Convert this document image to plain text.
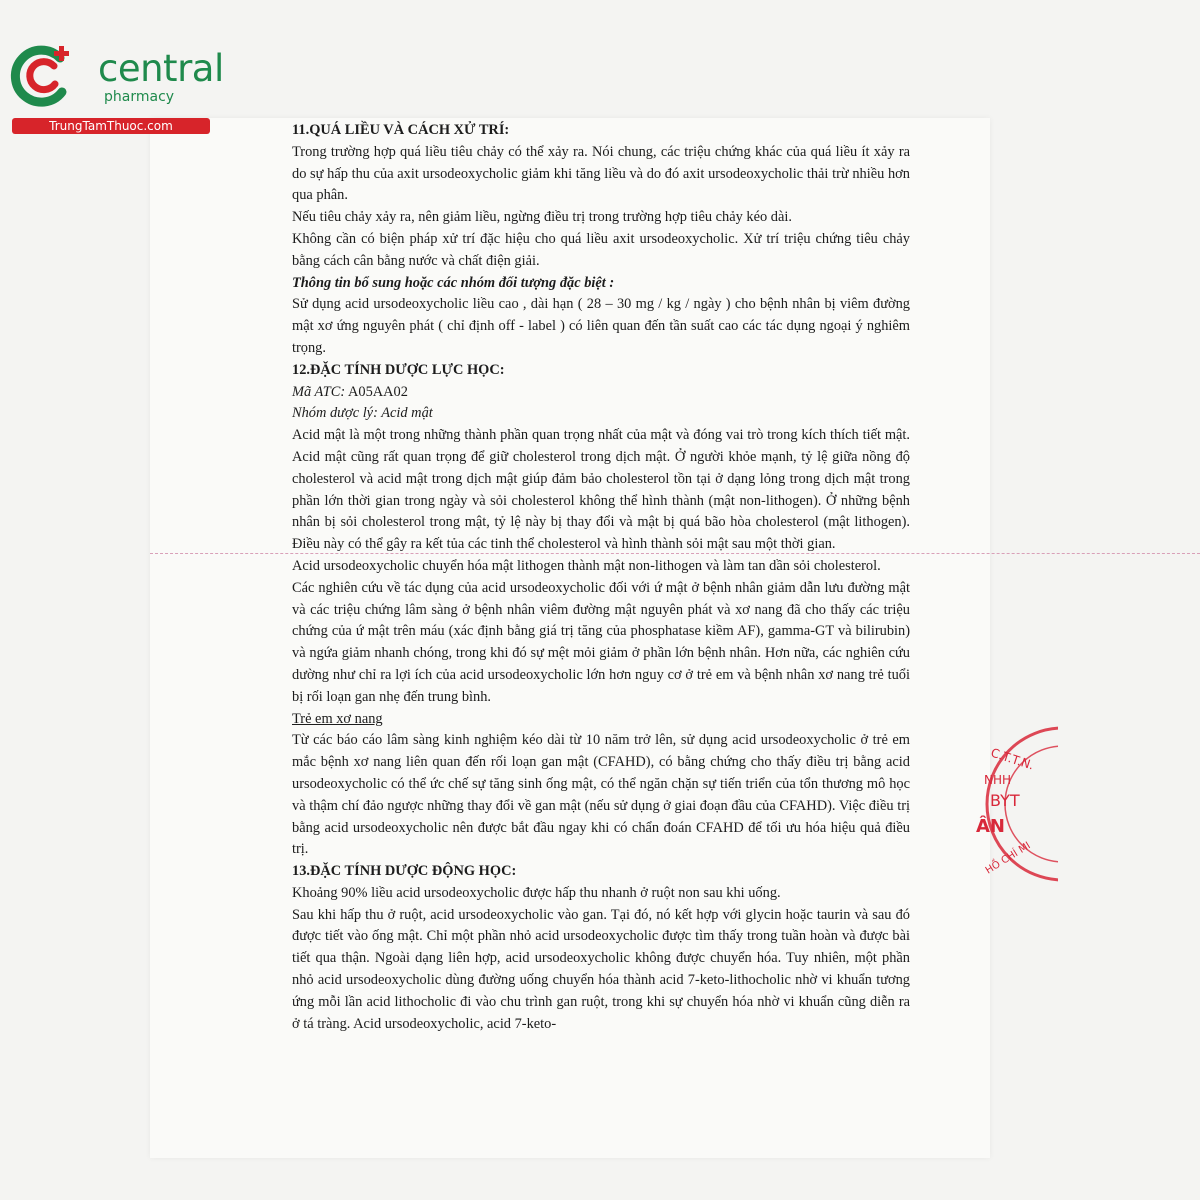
central
pharmacy
TrungTamThuoc.com	11.QUÁ LIỀU VÀ CÁCH XỬ TRÍ:

Trong trường hợp quá liều tiêu chảy có thể xảy ra. Nói chung, các triệu chứng khác của quá liều ít xảy ra do sự hấp thu của axit ursodeoxycholic giảm khi tăng liều và do đó axit ursodeoxycholic thải trừ nhiều hơn qua phân.

Nếu tiêu chảy xảy ra, nên giảm liều, ngừng điều trị trong trường hợp tiêu chảy kéo dài.

Không cần có biện pháp xử trí đặc hiệu cho quá liều axit ursodeoxycholic. Xử trí triệu chứng tiêu chảy bằng cách cân bằng nước và chất điện giải.

Thông tin bổ sung hoặc các nhóm đối tượng đặc biệt :

Sử dụng acid ursodeoxycholic liều cao , dài hạn ( 28 – 30 mg / kg / ngày ) cho bệnh nhân bị viêm đường mật xơ ứng nguyên phát ( chỉ định off - label ) có liên quan đến tần suất cao các tác dụng ngoại ý nghiêm trọng.

12.ĐẶC TÍNH DƯỢC LỰC HỌC:

Mã ATC: A05AA02

Nhóm dược lý: Acid mật

Acid mật là một trong những thành phần quan trọng nhất của mật và đóng vai trò trong kích thích tiết mật. Acid mật cũng rất quan trọng để giữ cholesterol trong dịch mật. Ở người khỏe mạnh, tỷ lệ giữa nồng độ cholesterol và acid mật trong dịch mật giúp đảm bảo cholesterol tồn tại ở dạng lỏng trong dịch mật trong phần lớn thời gian trong ngày và sỏi cholesterol không thể hình thành (mật non-lithogen). Ở những bệnh nhân bị sỏi cholesterol trong mật, tỷ lệ này bị thay đổi và mật bị quá bão hòa cholesterol (mật lithogen). Điều này có thể gây ra kết tủa các tinh thể cholesterol và hình thành sỏi mật sau một thời gian.

Acid ursodeoxycholic chuyển hóa mật lithogen thành mật non-lithogen và làm tan dần sỏi cholesterol.

Các nghiên cứu về tác dụng của acid ursodeoxycholic đối với ứ mật ở bệnh nhân giảm dẫn lưu đường mật và các triệu chứng lâm sàng ở bệnh nhân viêm đường mật nguyên phát và xơ nang đã cho thấy các triệu chứng của ứ mật trên máu (xác định bằng giá trị tăng của phosphatase kiềm AF), gamma-GT và bilirubin) và ngứa giảm nhanh chóng, trong khi đó sự mệt mỏi giảm ở phần lớn bệnh nhân. Hơn nữa, các nghiên cứu dường như chỉ ra lợi ích của acid ursodeoxycholic lớn hơn nguy cơ ở trẻ em và bệnh nhân xơ nang trẻ tuổi bị rối loạn gan nhẹ đến trung bình.

Trẻ em xơ nang

Từ các báo cáo lâm sàng kinh nghiệm kéo dài từ 10 năm trở lên, sử dụng acid ursodeoxycholic ở trẻ em mắc bệnh xơ nang liên quan đến rối loạn gan mật (CFAHD), có bằng chứng cho thấy điều trị bằng acid ursodeoxycholic có thể ức chế sự tăng sinh ống mật, có thể ngăn chặn sự tiến triển của tổn thương mô học và thậm chí đảo ngược những thay đổi về gan mật (nếu sử dụng ở giai đoạn đầu của CFAHD). Việc điều trị bằng acid ursodeoxycholic nên được bắt đầu ngay khi có chẩn đoán CFAHD để tối ưu hóa hiệu quả điều trị.

13.ĐẶC TÍNH DƯỢC ĐỘNG HỌC:

Khoảng 90% liều acid ursodeoxycholic được hấp thu nhanh ở ruột non sau khi uống.

Sau khi hấp thu ở ruột, acid ursodeoxycholic vào gan. Tại đó, nó kết hợp với glycin hoặc taurin và sau đó được tiết vào ống mật. Chỉ một phần nhỏ acid ursodeoxycholic được tìm thấy trong tuần hoàn và được bài tiết qua thận. Ngoài dạng liên hợp, acid ursodeoxycholic không được chuyển hóa. Tuy nhiên, một phần nhỏ acid ursodeoxycholic dùng đường uống chuyển hóa thành acid 7-keto-lithocholic nhờ vi khuẩn tương ứng mỗi lần acid lithocholic đi vào chu trình gan ruột, trong khi sự chuyển hóa nhờ vi khuẩn cũng diễn ra ở tá tràng. Acid ursodeoxycholic, acid 7-keto-

C.T.T.N.
NHH
BYT
ÂN
HỒ CHÍ MI
